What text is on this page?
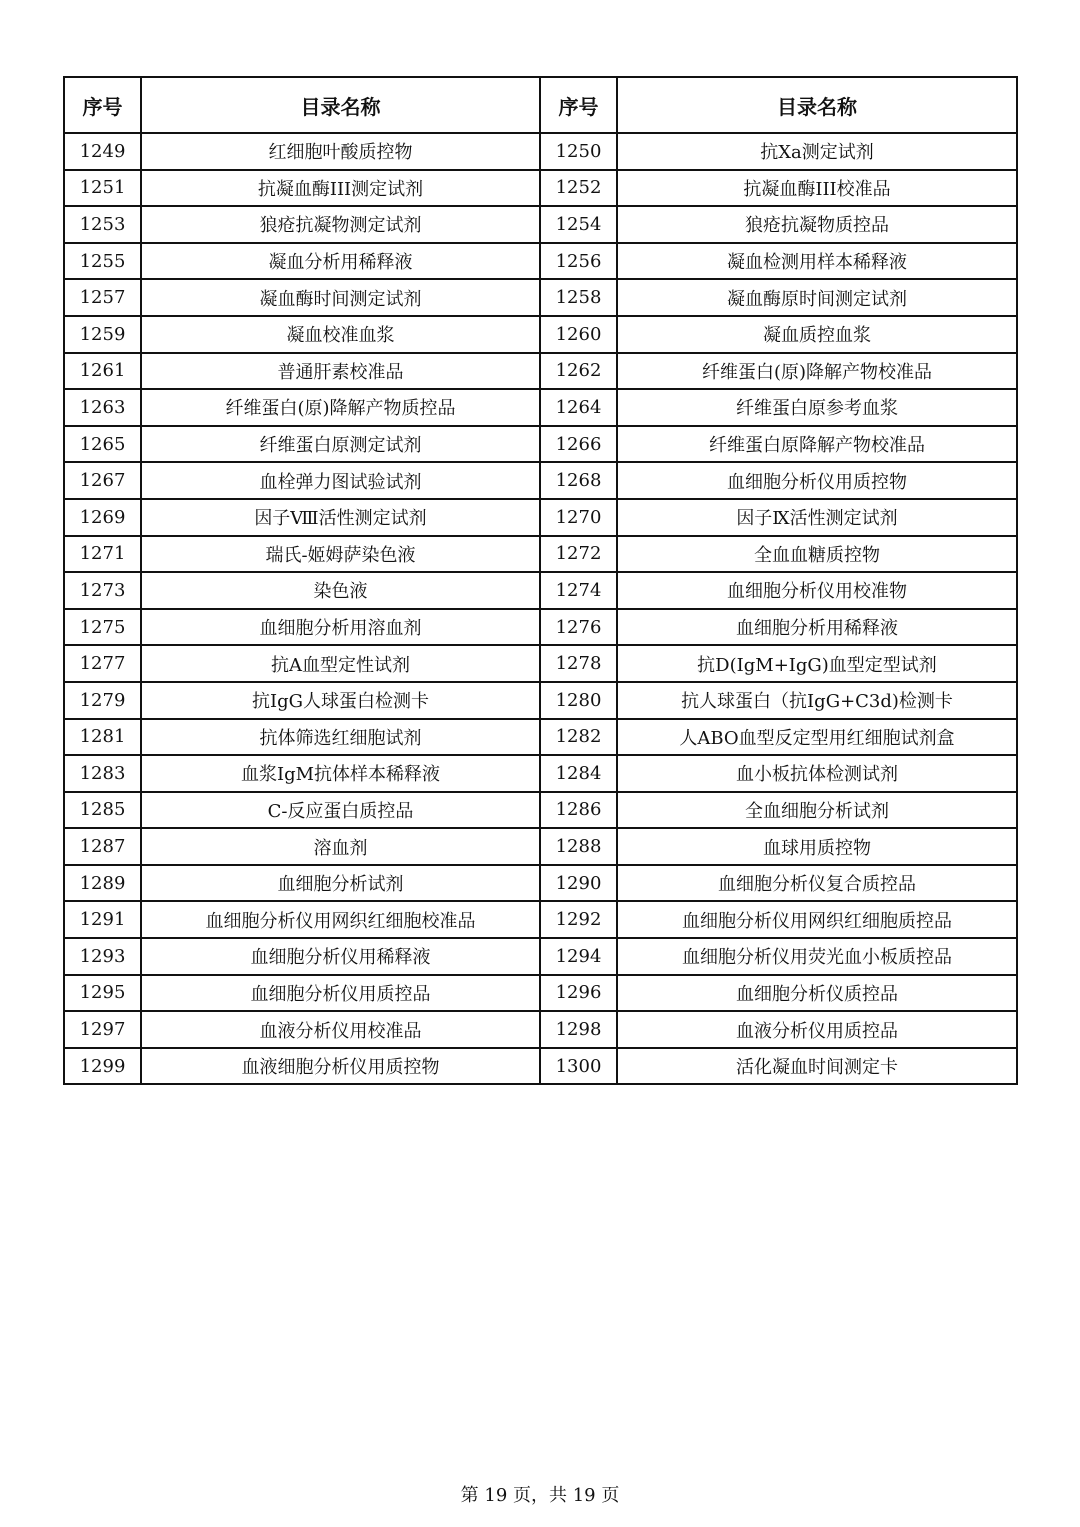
序号	目录名称	序号	目录名称
1249	红细胞叶酸质控物	1250	抗Xa测定试剂
1251	抗凝血酶III测定试剂	1252	抗凝血酶III校准品
1253	狼疮抗凝物测定试剂	1254	狼疮抗凝物质控品
1255	凝血分析用稀释液	1256	凝血检测用样本稀释液
1257	凝血酶时间测定试剂	1258	凝血酶原时间测定试剂
1259	凝血校准血浆	1260	凝血质控血浆
1261	普通肝素校准品	1262	纤维蛋白(原)降解产物校准品
1263	纤维蛋白(原)降解产物质控品	1264	纤维蛋白原参考血浆
1265	纤维蛋白原测定试剂	1266	纤维蛋白原降解产物校准品
1267	血栓弹力图试验试剂	1268	血细胞分析仪用质控物
1269	因子Ⅷ活性测定试剂	1270	因子Ⅸ活性测定试剂
1271	瑞氏-姬姆萨染色液	1272	全血血糖质控物
1273	染色液	1274	血细胞分析仪用校准物
1275	血细胞分析用溶血剂	1276	血细胞分析用稀释液
1277	抗A血型定性试剂	1278	抗D(IgM+IgG)血型定型试剂
1279	抗IgG人球蛋白检测卡	1280	抗人球蛋白（抗IgG+C3d)检测卡
1281	抗体筛选红细胞试剂	1282	人ABO血型反定型用红细胞试剂盒
1283	血浆IgM抗体样本稀释液	1284	血小板抗体检测试剂
1285	C-反应蛋白质控品	1286	全血细胞分析试剂
1287	溶血剂	1288	血球用质控物
1289	血细胞分析试剂	1290	血细胞分析仪复合质控品
1291	血细胞分析仪用网织红细胞校准品	1292	血细胞分析仪用网织红细胞质控品
1293	血细胞分析仪用稀释液	1294	血细胞分析仪用荧光血小板质控品
1295	血细胞分析仪用质控品	1296	血细胞分析仪质控品
1297	血液分析仪用校准品	1298	血液分析仪用质控品
1299	血液细胞分析仪用质控物	1300	活化凝血时间测定卡
第 19 页，共 19 页
